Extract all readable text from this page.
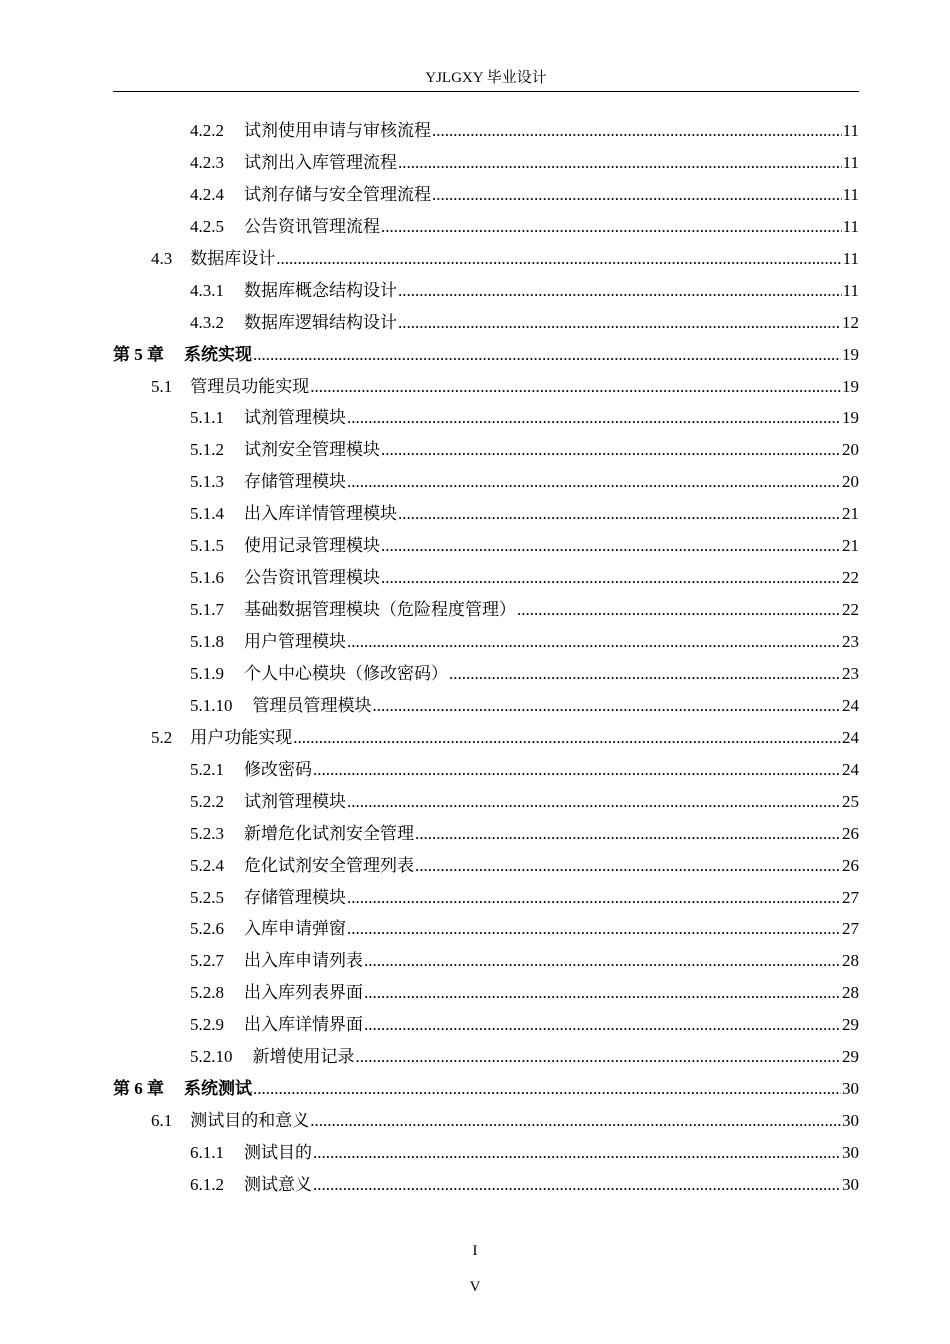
YJLGXY 毕业设计
4.2.2 试剂使用申请与审核流程 .....	11
4.2.3 试剂出入库管理流程 .....	11
4.2.4 试剂存储与安全管理流程 .....	11
4.2.5 公告资讯管理流程 .....	11
4.3 数据库设计 .....	11
4.3.1 数据库概念结构设计 .....	11
4.3.2 数据库逻辑结构设计 .....	12
第 5 章 系统实现 .....	19
5.1 管理员功能实现 .....	19
5.1.1 试剂管理模块 .....	19
5.1.2 试剂安全管理模块 .....	20
5.1.3 存储管理模块 .....	20
5.1.4 出入库详情管理模块 .....	21
5.1.5 使用记录管理模块 .....	21
5.1.6 公告资讯管理模块 .....	22
5.1.7 基础数据管理模块（危险程度管理） .....	22
5.1.8 用户管理模块 .....	23
5.1.9 个人中心模块（修改密码） .....	23
5.1.10 管理员管理模块 .....	24
5.2 用户功能实现 .....	24
5.2.1 修改密码 .....	24
5.2.2 试剂管理模块 .....	25
5.2.3 新增危化试剂安全管理 .....	26
5.2.4 危化试剂安全管理列表 .....	26
5.2.5 存储管理模块 .....	27
5.2.6 入库申请弹窗 .....	27
5.2.7 出入库申请列表 .....	28
5.2.8 出入库列表界面 .....	28
5.2.9 出入库详情界面 .....	29
5.2.10 新增使用记录 .....	29
第 6 章 系统测试 .....	30
6.1 测试目的和意义 .....	30
6.1.1 测试目的 .....	30
6.1.2 测试意义 .....	30
I
V
